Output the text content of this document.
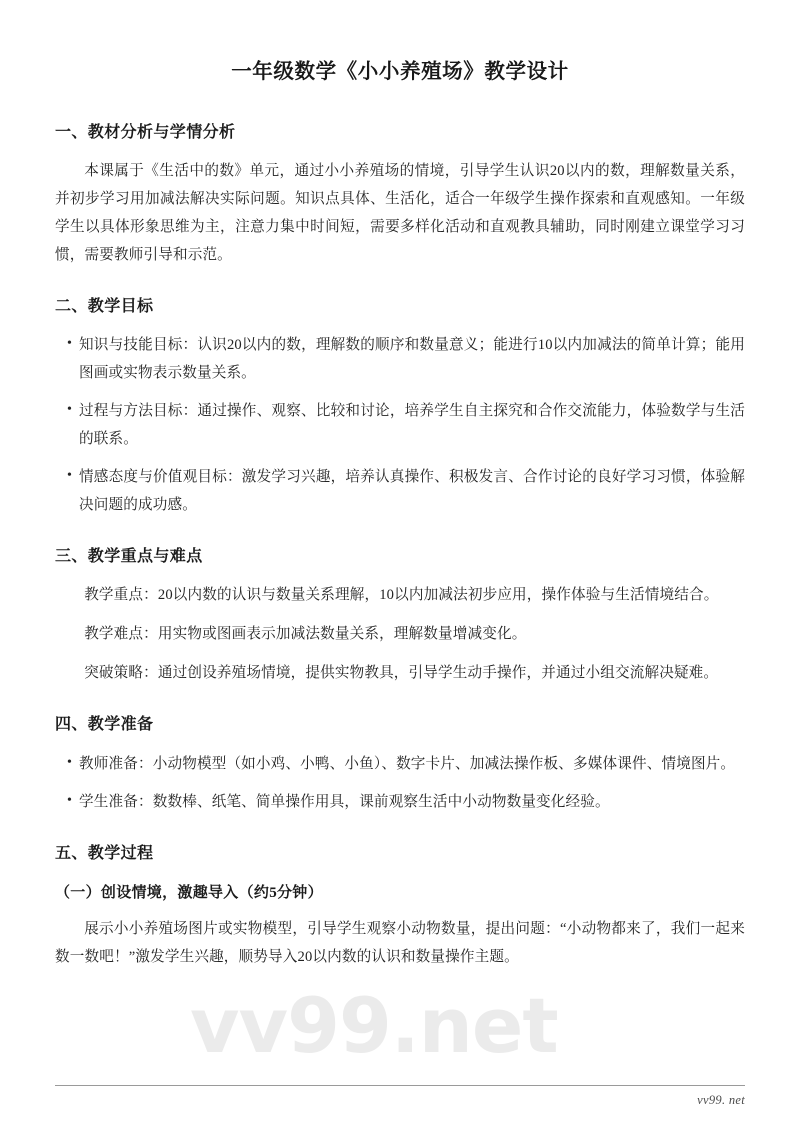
vv99.net
一年级数学《小小养殖场》教学设计
一、教材分析与学情分析

本课属于《生活中的数》单元，通过小小养殖场的情境，引导学生认识20以内的数，理解数量关系，并初步学习用加减法解决实际问题。知识点具体、生活化，适合一年级学生操作探索和直观感知。一年级学生以具体形象思维为主，注意力集中时间短，需要多样化活动和直观教具辅助，同时刚建立课堂学习习惯，需要教师引导和示范。

二、教学目标
• 知识与技能目标：认识20以内的数，理解数的顺序和数量意义；能进行10以内加减法的简单计算；能用图画或实物表示数量关系。
• 过程与方法目标：通过操作、观察、比较和讨论，培养学生自主探究和合作交流能力，体验数学与生活的联系。
• 情感态度与价值观目标：激发学习兴趣，培养认真操作、积极发言、合作讨论的良好学习习惯，体验解决问题的成功感。
三、教学重点与难点

教学重点：20以内数的认识与数量关系理解，10以内加减法初步应用，操作体验与生活情境结合。

教学难点：用实物或图画表示加减法数量关系，理解数量增减变化。

突破策略：通过创设养殖场情境，提供实物教具，引导学生动手操作，并通过小组交流解决疑难。

四、教学准备
• 教师准备：小动物模型（如小鸡、小鸭、小鱼）、数字卡片、加减法操作板、多媒体课件、情境图片。
• 学生准备：数数棒、纸笔、简单操作用具，课前观察生活中小动物数量变化经验。
五、教学过程
（一）创设情境，激趣导入（约5分钟）

展示小小养殖场图片或实物模型，引导学生观察小动物数量，提出问题：“小动物都来了，我们一起来数一数吧！”激发学生兴趣，顺势导入20以内数的认识和数量操作主题。

vv99. net
